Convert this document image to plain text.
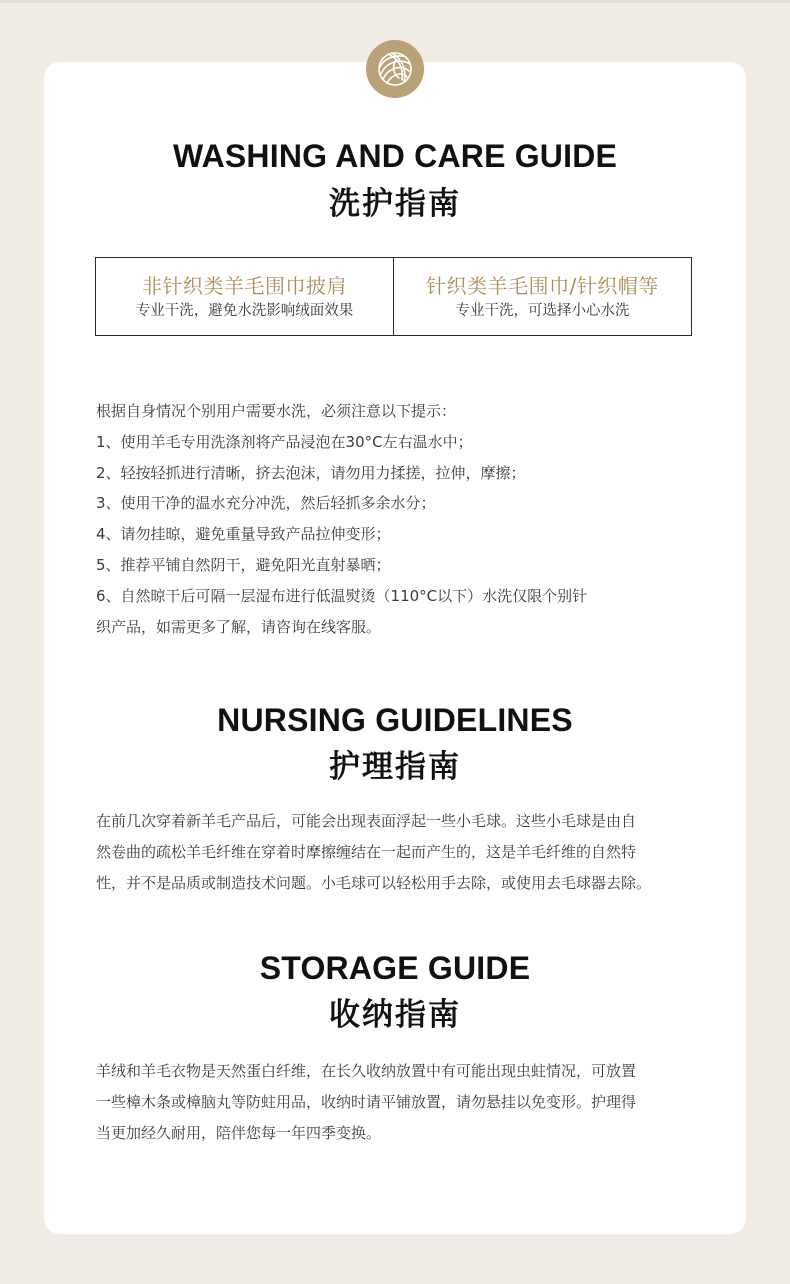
WASHING AND CARE GUIDE
洗护指南
非针织类羊毛围巾披肩
专业干洗，避免水洗影响绒面效果
针织类羊毛围巾/针织帽等
专业干洗，可选择小心水洗
根据自身情况个别用户需要水洗，必须注意以下提示：
1、使用羊毛专用洗涤剂将产品浸泡在30°C左右温水中；
2、轻按轻抓进行清晰，挤去泡沫，请勿用力揉搓，拉伸，摩擦；
3、使用干净的温水充分冲洗，然后轻抓多余水分；
4、请勿挂晾，避免重量导致产品拉伸变形；
5、推荐平铺自然阴干，避免阳光直射暴晒；
6、自然晾干后可隔一层湿布进行低温熨烫（110°C以下）水洗仅限个别针
织产品，如需更多了解，请咨询在线客服。
NURSING GUIDELINES
护理指南
在前几次穿着新羊毛产品后，可能会出现表面浮起一些小毛球。这些小毛球是由自
然卷曲的疏松羊毛纤维在穿着时摩擦缠结在一起而产生的，这是羊毛纤维的自然特
性，并不是品质或制造技术问题。小毛球可以轻松用手去除，或使用去毛球器去除。
STORAGE GUIDE
收纳指南
羊绒和羊毛衣物是天然蛋白纤维，在长久收纳放置中有可能出现虫蛀情况，可放置
一些樟木条或樟脑丸等防蛀用品，收纳时请平铺放置，请勿悬挂以免变形。护理得
当更加经久耐用，陪伴您每一年四季变换。
